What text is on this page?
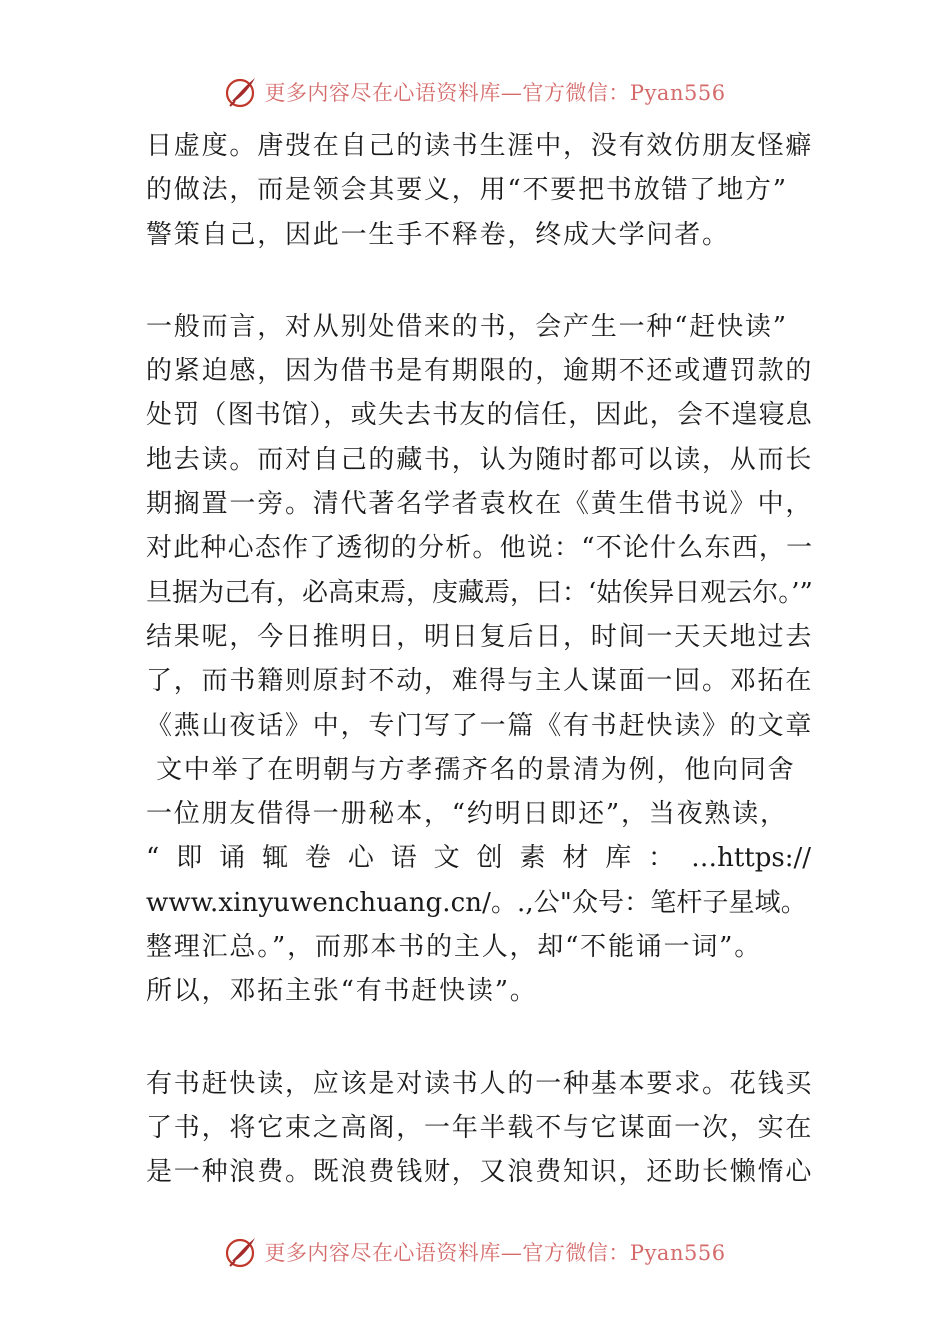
更多内容尽在心语资料库—官方微信：Pyan556
日虚度。唐弢在自己的读书生涯中，没有效仿朋友怪癖
的做法，而是领会其要义，用“不要把书放错了地方”
警策自己，因此一生手不释卷，终成大学问者。
一般而言，对从别处借来的书，会产生一种“赶快读”
的紧迫感，因为借书是有期限的，逾期不还或遭罚款的
处罚（图书馆），或失去书友的信任，因此，会不遑寝息
地去读。而对自己的藏书，认为随时都可以读，从而长
期搁置一旁。清代著名学者袁枚在《黄生借书说》中，
对此种心态作了透彻的分析。他说：“不论什么东西，一
旦据为己有，必高束焉，庋藏焉，曰：‘姑俟异日观云尔。’”
结果呢，今日推明日，明日复后日，时间一天天地过去
了，而书籍则原封不动，难得与主人谋面一回。邓拓在
《燕山夜话》中，专门写了一篇《有书赶快读》的文章
文中举了在明朝与方孝孺齐名的景清为例，他向同舍
一位朋友借得一册秘本，“约明日即还”，当夜熟读，
“即诵辄卷心语文创素材库：…https://
www.xinyuwenchuang.cn/。.,公"众号：笔杆子星域。
整理汇总。”，而那本书的主人，却“不能诵一词”。
所以，邓拓主张“有书赶快读”。
有书赶快读，应该是对读书人的一种基本要求。花钱买
了书，将它束之高阁，一年半载不与它谋面一次，实在
是一种浪费。既浪费钱财，又浪费知识，还助长懒惰心
更多内容尽在心语资料库—官方微信：Pyan556
